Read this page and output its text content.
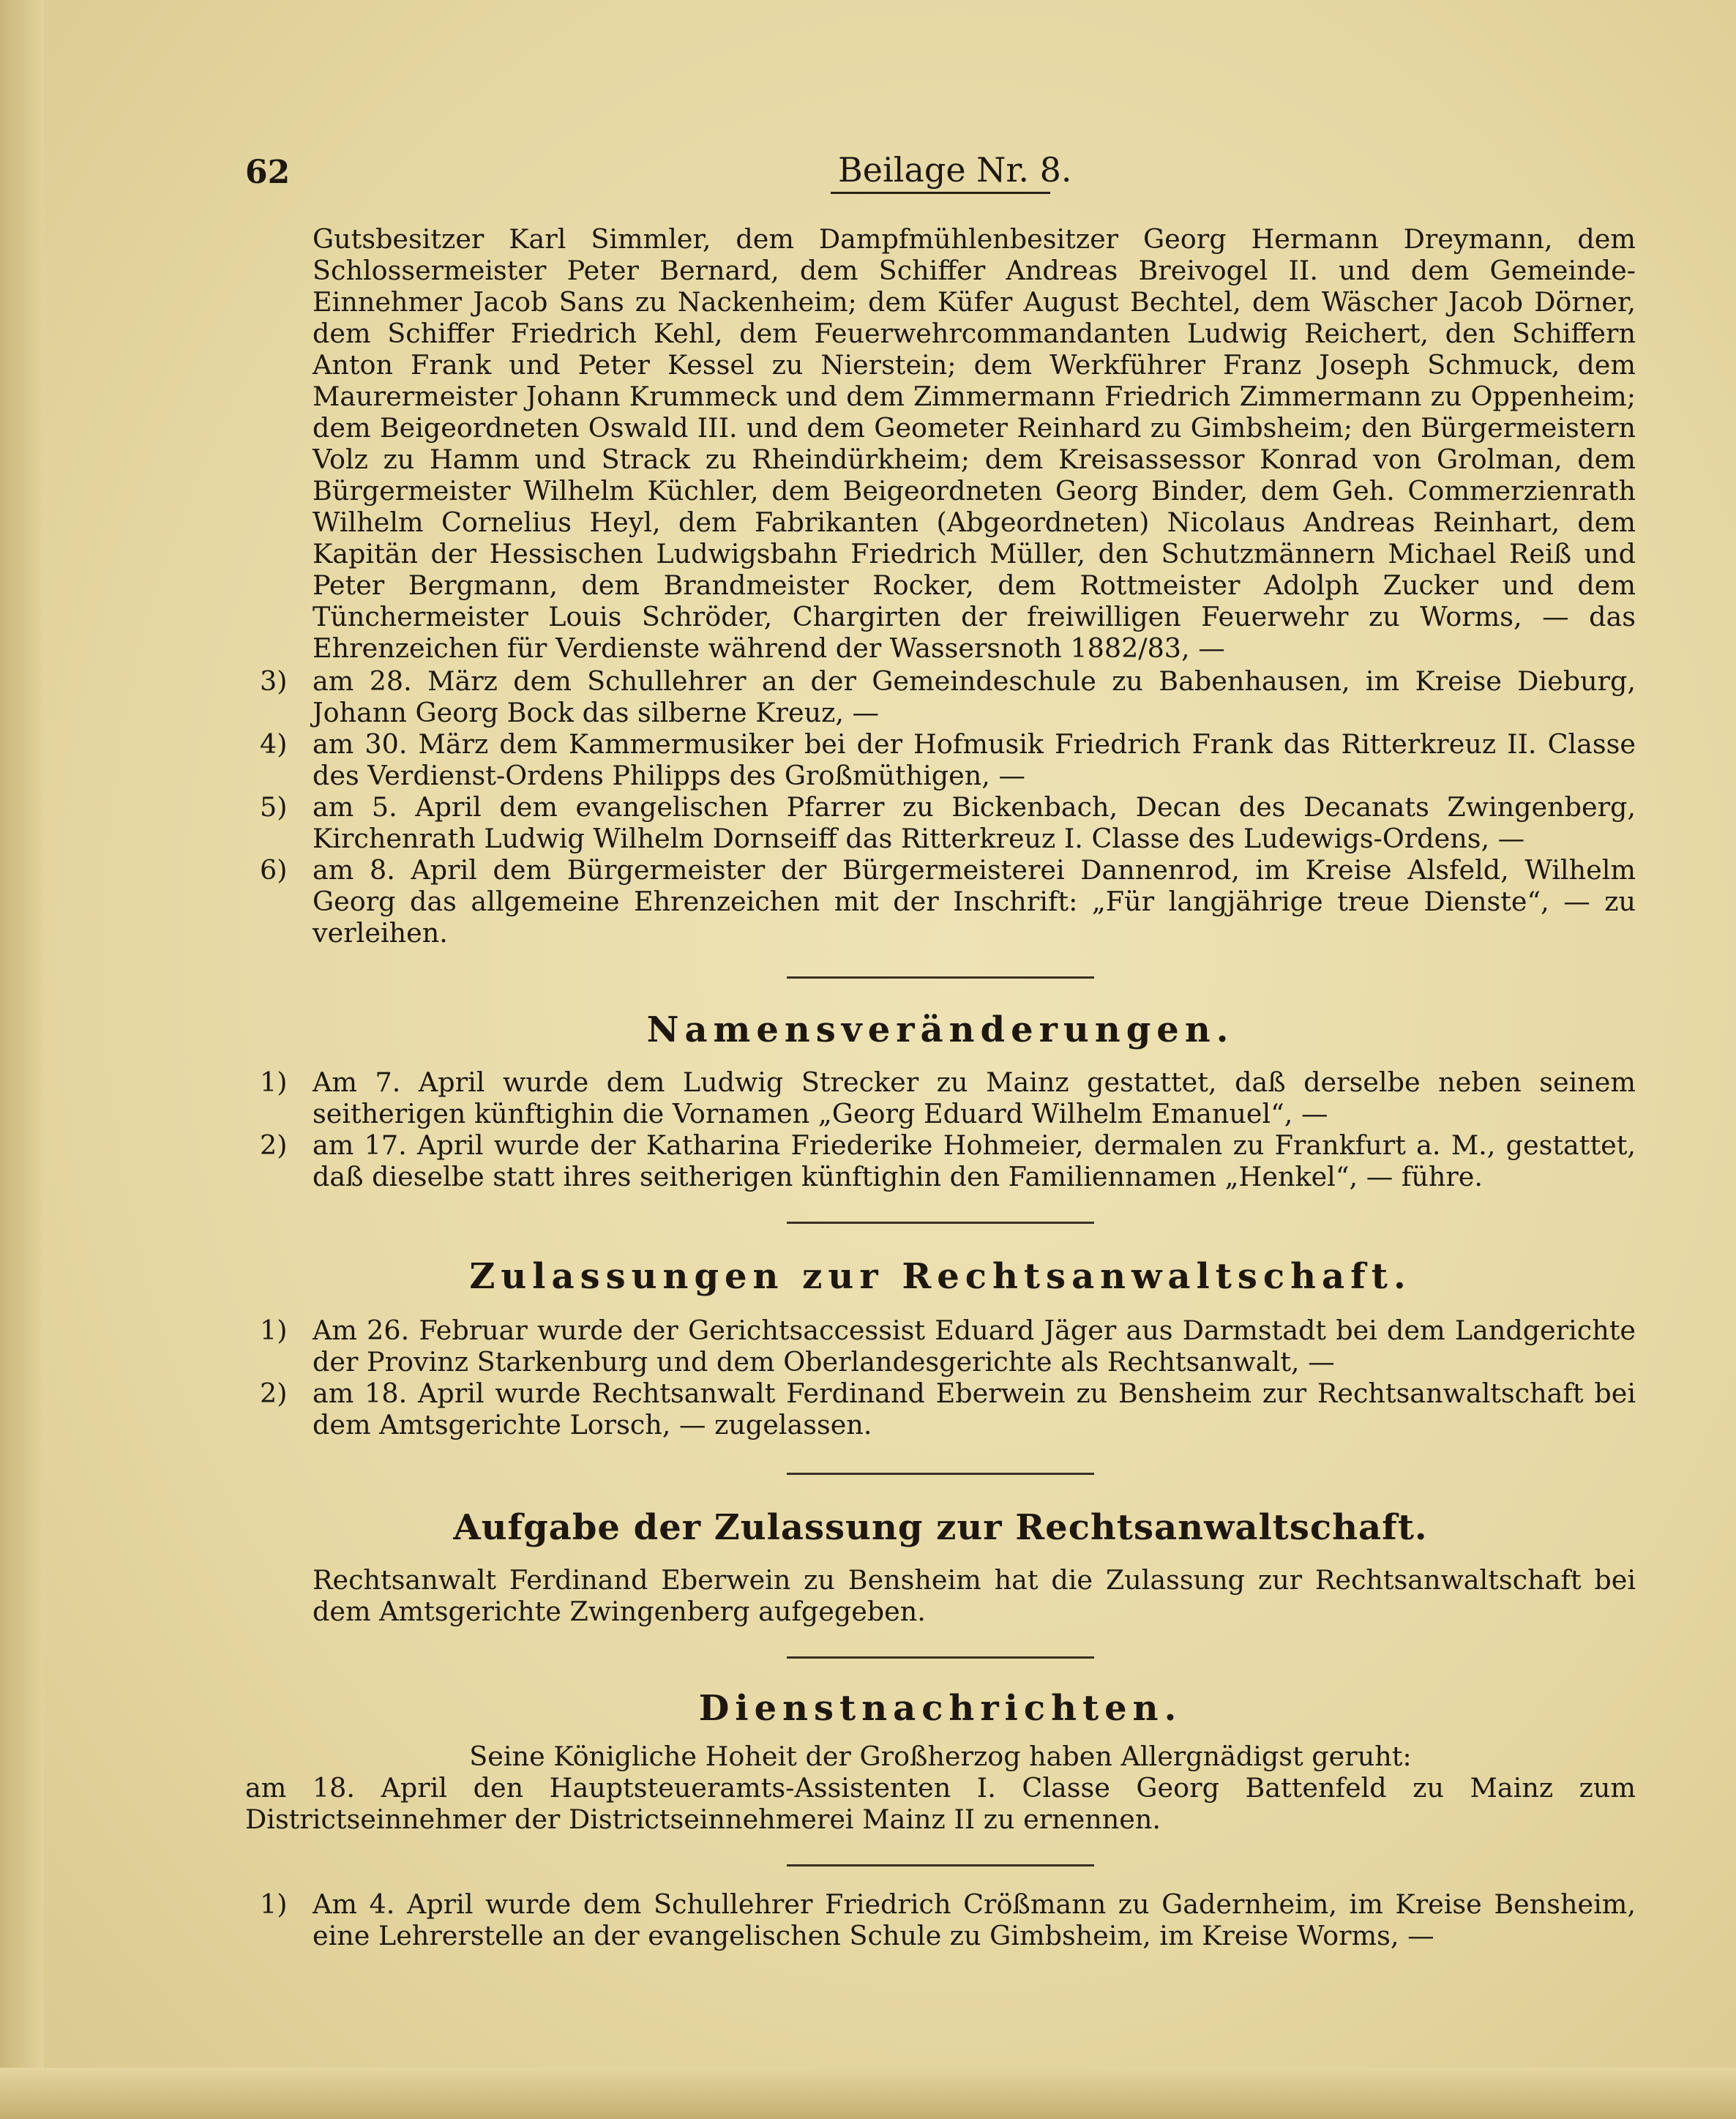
62	Beilage Nr. 8.

Gutsbesitzer Karl Simmler, dem Dampfmühlenbesitzer Georg Hermann Dreymann, dem Schlossermeister Peter Bernard, dem Schiffer Andreas Breivogel II. und dem Gemeinde-Einnehmer Jacob Sans zu Nackenheim; dem Küfer August Bechtel, dem Wäscher Jacob Dörner, dem Schiffer Friedrich Kehl, dem Feuerwehrcommandanten Ludwig Reichert, den Schiffern Anton Frank und Peter Kessel zu Nierstein; dem Werkführer Franz Joseph Schmuck, dem Maurermeister Johann Krummeck und dem Zimmermann Friedrich Zimmermann zu Oppenheim; dem Beigeordneten Oswald III. und dem Geometer Reinhard zu Gimbsheim; den Bürgermeistern Volz zu Hamm und Strack zu Rheindürkheim; dem Kreisassessor Konrad von Grolman, dem Bürgermeister Wilhelm Küchler, dem Beigeordneten Georg Binder, dem Geh. Commerzienrath Wilhelm Cornelius Heyl, dem Fabrikanten (Abgeordneten) Nicolaus Andreas Reinhart, dem Kapitän der Hessischen Ludwigsbahn Friedrich Müller, den Schutzmännern Michael Reiß und Peter Bergmann, dem Brandmeister Rocker, dem Rottmeister Adolph Zucker und dem Tünchermeister Louis Schröder, Chargirten der freiwilligen Feuerwehr zu Worms, — das Ehrenzeichen für Verdienste während der Wassersnoth 1882/83, —

3) am 28. März dem Schullehrer an der Gemeindeschule zu Babenhausen, im Kreise Dieburg, Johann Georg Bock das silberne Kreuz, —

4) am 30. März dem Kammermusiker bei der Hofmusik Friedrich Frank das Ritterkreuz II. Classe des Verdienst-Ordens Philipps des Großmüthigen, —

5) am 5. April dem evangelischen Pfarrer zu Bickenbach, Decan des Decanats Zwingenberg, Kirchenrath Ludwig Wilhelm Dornseiff das Ritterkreuz I. Classe des Ludewigs-Ordens, —

6) am 8. April dem Bürgermeister der Bürgermeisterei Dannenrod, im Kreise Alsfeld, Wilhelm Georg das allgemeine Ehrenzeichen mit der Inschrift: „Für langjährige treue Dienste“, — zu verleihen.

Namensveränderungen.

1) Am 7. April wurde dem Ludwig Strecker zu Mainz gestattet, daß derselbe neben seinem seitherigen künftighin die Vornamen „Georg Eduard Wilhelm Emanuel“, —

2) am 17. April wurde der Katharina Friederike Hohmeier, dermalen zu Frankfurt a. M., gestattet, daß dieselbe statt ihres seitherigen künftighin den Familiennamen „Henkel“, — führe.

Zulassungen zur Rechtsanwaltschaft.

1) Am 26. Februar wurde der Gerichtsaccessist Eduard Jäger aus Darmstadt bei dem Landgerichte der Provinz Starkenburg und dem Oberlandesgerichte als Rechtsanwalt, —

2) am 18. April wurde Rechtsanwalt Ferdinand Eberwein zu Bensheim zur Rechtsanwaltschaft bei dem Amtsgerichte Lorsch, — zugelassen.

Aufgabe der Zulassung zur Rechtsanwaltschaft.

Rechtsanwalt Ferdinand Eberwein zu Bensheim hat die Zulassung zur Rechtsanwaltschaft bei dem Amtsgerichte Zwingenberg aufgegeben.

Dienstnachrichten.

Seine Königliche Hoheit der Großherzog haben Allergnädigst geruht:

am 18. April den Hauptsteueramts-Assistenten I. Classe Georg Battenfeld zu Mainz zum Districtseinnehmer der Districtseinnehmerei Mainz II zu ernennen.

1) Am 4. April wurde dem Schullehrer Friedrich Crößmann zu Gadernheim, im Kreise Bensheim, eine Lehrerstelle an der evangelischen Schule zu Gimbsheim, im Kreise Worms, —
